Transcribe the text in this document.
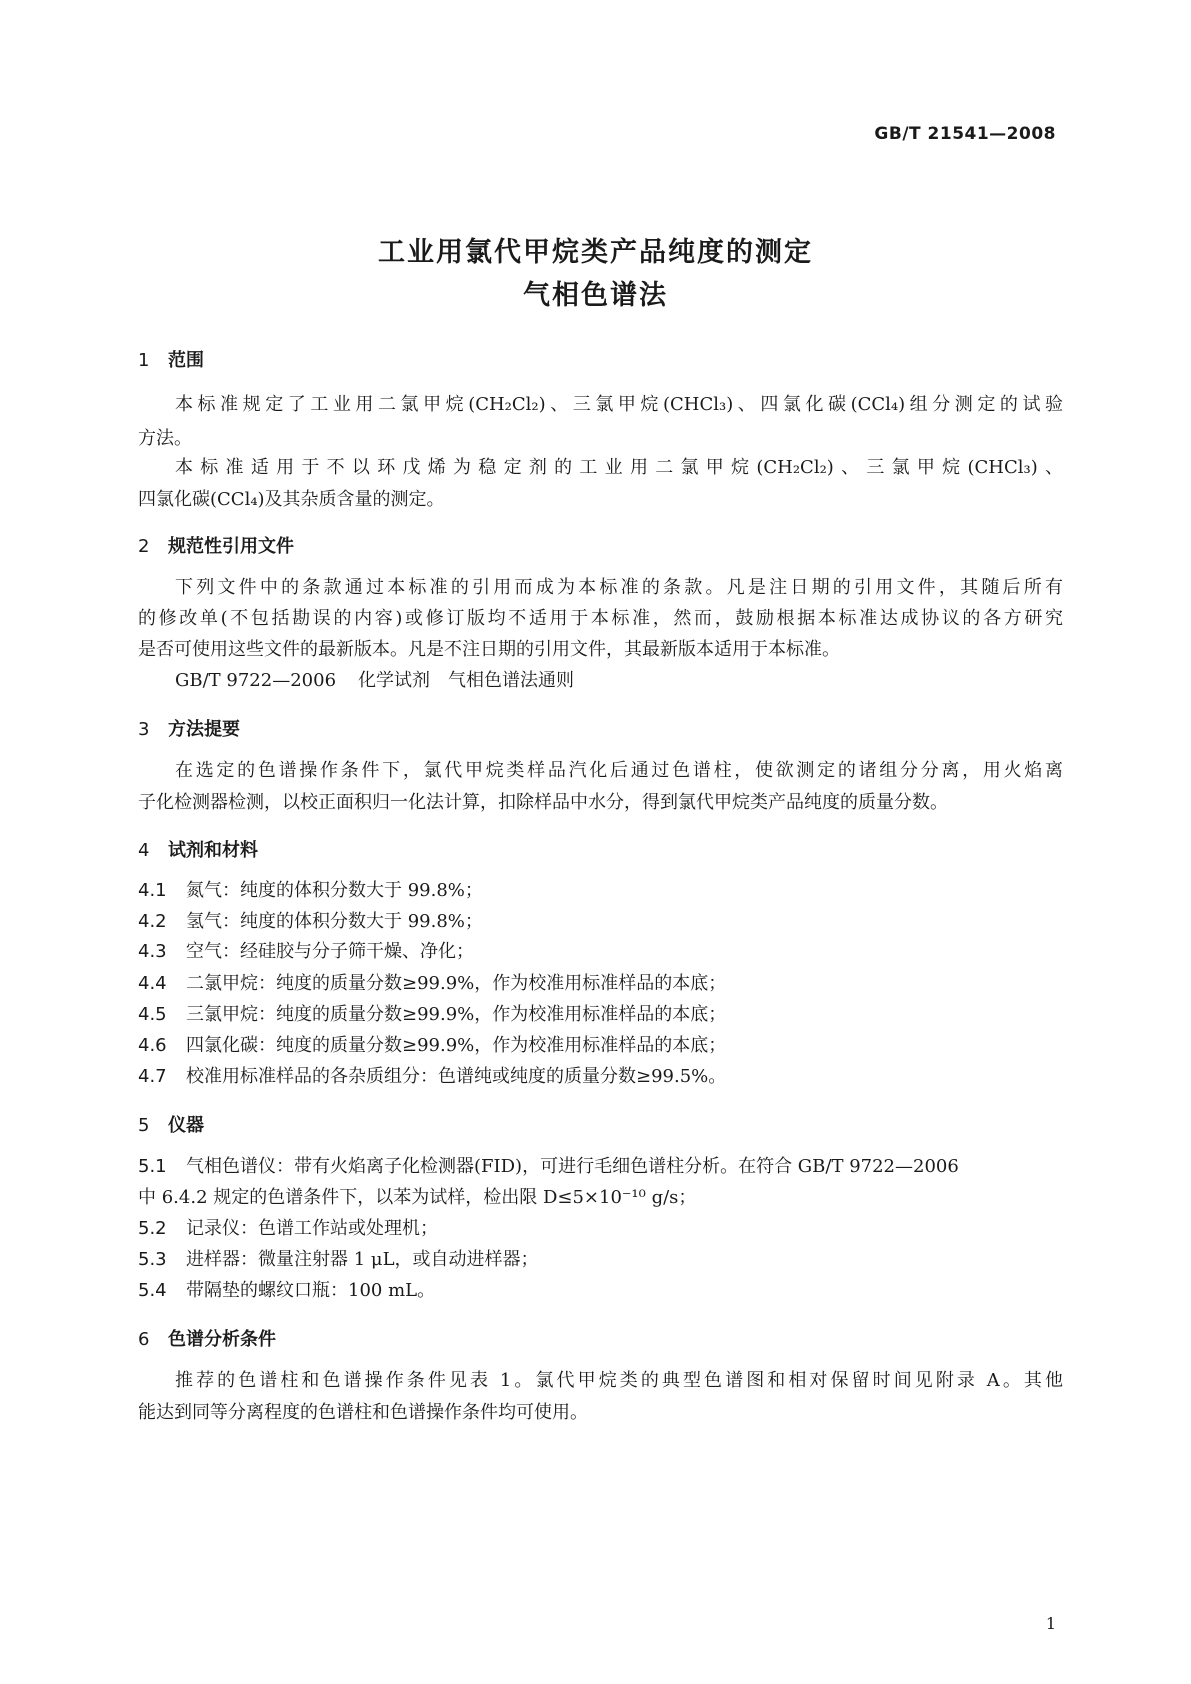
GB/T 21541—2008
工业用氯代甲烷类产品纯度的测定
气相色谱法
1 范围
本标准规定了工业用二氯甲烷(CH₂Cl₂)、三氯甲烷(CHCl₃)、四氯化碳(CCl₄)组分测定的试验
方法。
本标准适用于不以环戊烯为稳定剂的工业用二氯甲烷(CH₂Cl₂)、三氯甲烷(CHCl₃)、
四氯化碳(CCl₄)及其杂质含量的测定。
2 规范性引用文件
下列文件中的条款通过本标准的引用而成为本标准的条款。凡是注日期的引用文件，其随后所有
的修改单(不包括勘误的内容)或修订版均不适用于本标准，然而，鼓励根据本标准达成协议的各方研究
是否可使用这些文件的最新版本。凡是不注日期的引用文件，其最新版本适用于本标准。
GB/T 9722—2006 化学试剂　气相色谱法通则
3 方法提要
在选定的色谱操作条件下，氯代甲烷类样品汽化后通过色谱柱，使欲测定的诸组分分离，用火焰离
子化检测器检测，以校正面积归一化法计算，扣除样品中水分，得到氯代甲烷类产品纯度的质量分数。
4 试剂和材料
4.1 氮气：纯度的体积分数大于 99.8%；
4.2 氢气：纯度的体积分数大于 99.8%；
4.3 空气：经硅胶与分子筛干燥、净化；
4.4 二氯甲烷：纯度的质量分数≥99.9%，作为校准用标准样品的本底；
4.5 三氯甲烷：纯度的质量分数≥99.9%，作为校准用标准样品的本底；
4.6 四氯化碳：纯度的质量分数≥99.9%，作为校准用标准样品的本底；
4.7 校准用标准样品的各杂质组分：色谱纯或纯度的质量分数≥99.5%。
5 仪器
5.1 气相色谱仪：带有火焰离子化检测器(FID)，可进行毛细色谱柱分析。在符合 GB/T 9722—2006
中 6.4.2 规定的色谱条件下，以苯为试样，检出限 D≤5×10⁻¹⁰ g/s；
5.2 记录仪：色谱工作站或处理机；
5.3 进样器：微量注射器 1 μL，或自动进样器；
5.4 带隔垫的螺纹口瓶：100 mL。
6 色谱分析条件
推荐的色谱柱和色谱操作条件见表 1。氯代甲烷类的典型色谱图和相对保留时间见附录 A。其他
能达到同等分离程度的色谱柱和色谱操作条件均可使用。
1
